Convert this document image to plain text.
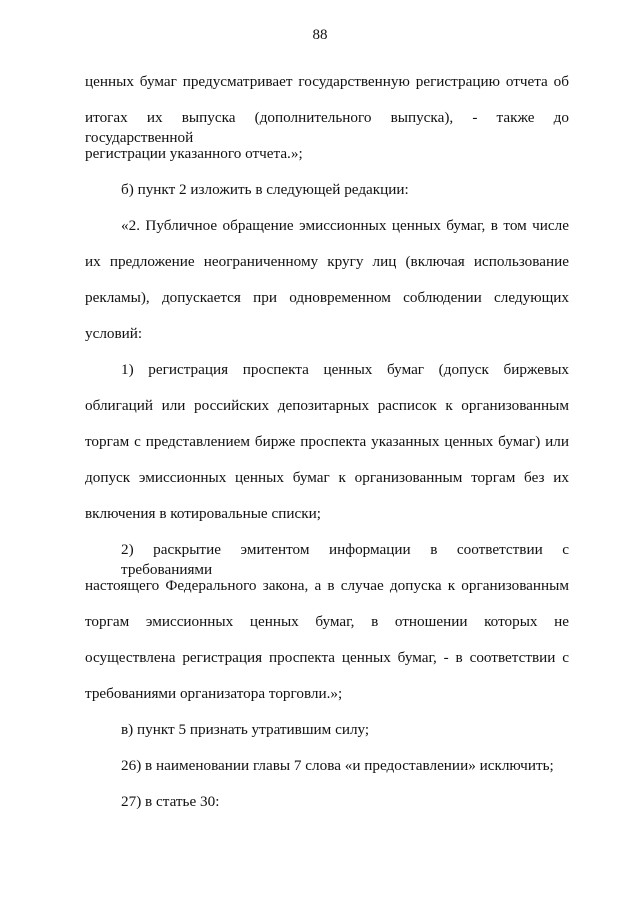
88
ценных бумаг предусматривает государственную регистрацию отчета об
итогах их выпуска (дополнительного выпуска), - также до государственной
регистрации указанного отчета.»;
б) пункт 2 изложить в следующей редакции:
«2. Публичное обращение эмиссионных ценных бумаг, в том числе
их предложение неограниченному кругу лиц (включая использование
рекламы), допускается при одновременном соблюдении следующих
условий:
1) регистрация проспекта ценных бумаг (допуск биржевых
облигаций или российских депозитарных расписок к организованным
торгам с представлением бирже проспекта указанных ценных бумаг) или
допуск эмиссионных ценных бумаг к организованным торгам без их
включения в котировальные списки;
2) раскрытие эмитентом информации в соответствии с требованиями
настоящего Федерального закона, а в случае допуска к организованным
торгам эмиссионных ценных бумаг, в отношении которых не
осуществлена регистрация проспекта ценных бумаг, - в соответствии с
требованиями организатора торговли.»;
в) пункт 5 признать утратившим силу;
26) в наименовании главы 7 слова «и предоставлении» исключить;
27) в статье 30:
